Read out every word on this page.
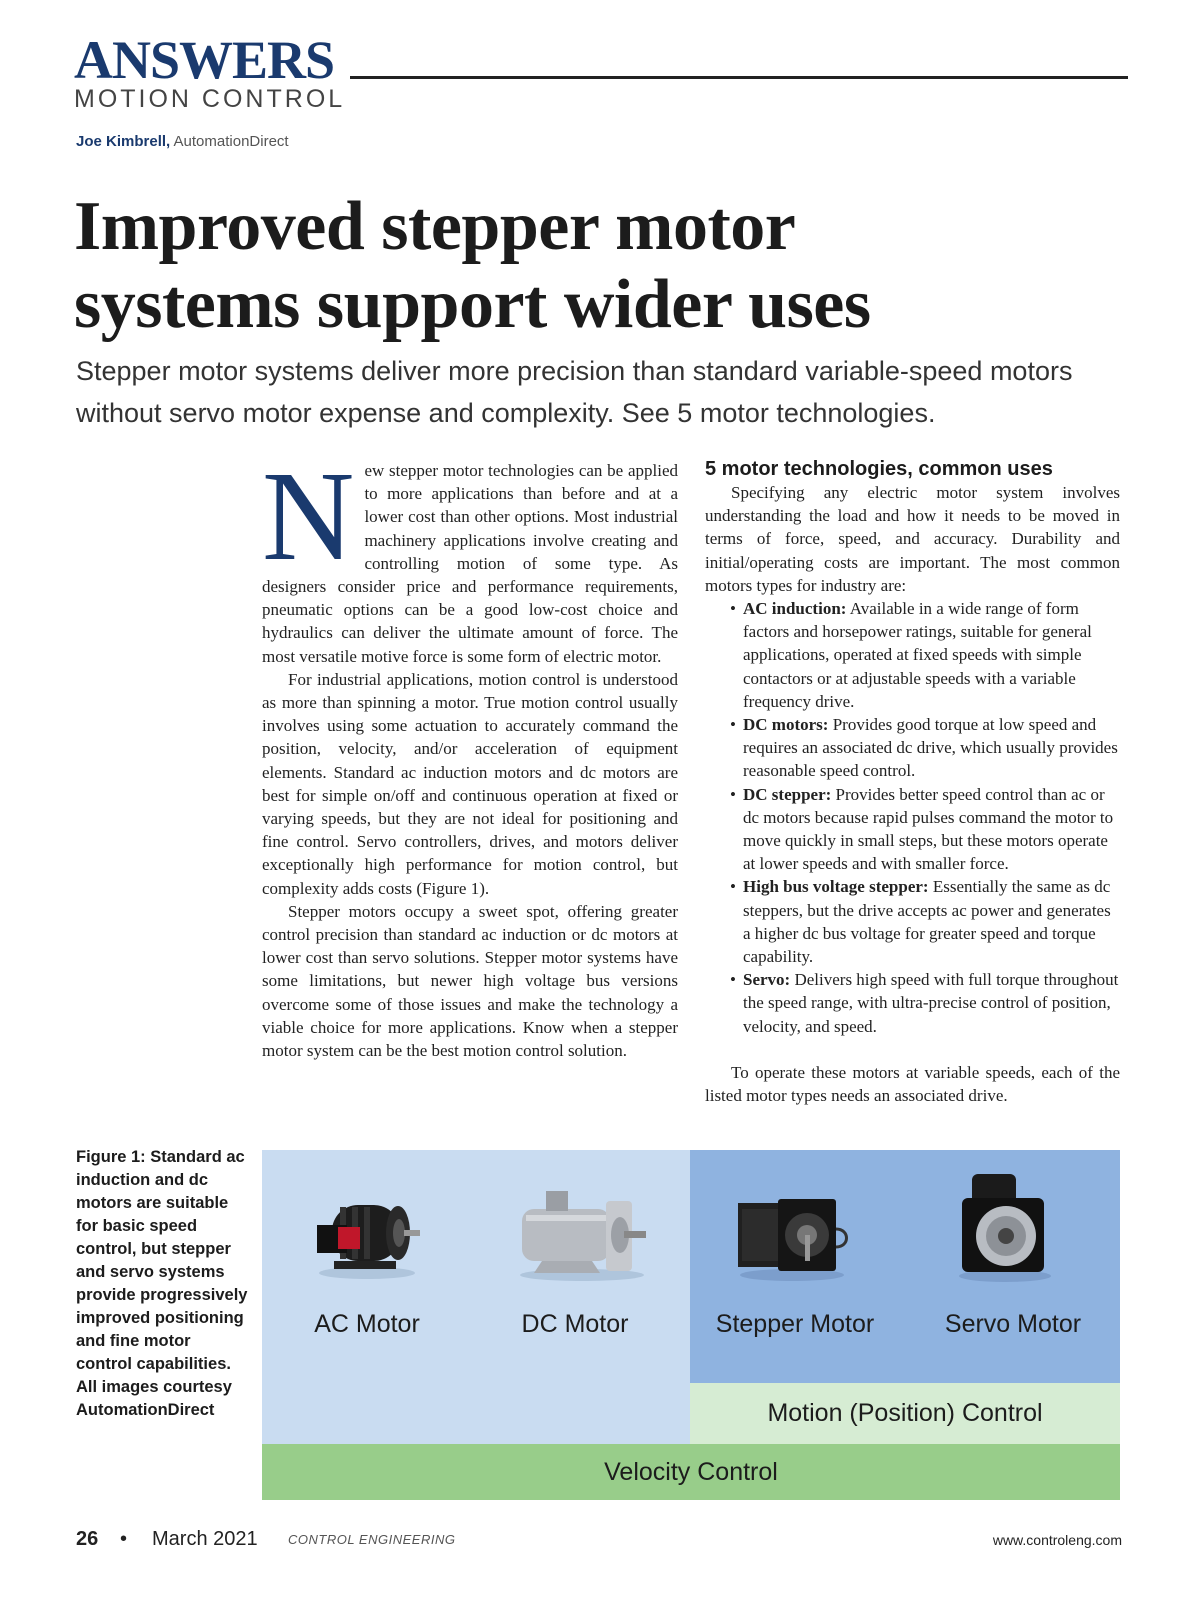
ANSWERS
MOTION CONTROL
Joe Kimbrell, AutomationDirect
Improved stepper motor
systems support wider uses
Stepper motor systems deliver more precision than standard variable-speed motors without servo motor expense and complexity. See 5 motor technologies.

New stepper motor technologies can be applied to more applications than before and at a lower cost than other options. Most industrial machinery applications involve creating and controlling motion of some type. As designers consider price and performance requirements, pneumatic options can be a good low-cost choice and hydraulics can deliver the ultimate amount of force. The most versatile motive force is some form of electric motor.

For industrial applications, motion control is understood as more than spinning a motor. True motion control usually involves using some actuation to accurately command the position, velocity, and/or acceleration of equipment elements. Standard ac induction motors and dc motors are best for simple on/off and continuous operation at fixed or varying speeds, but they are not ideal for positioning and fine control. Servo controllers, drives, and motors deliver exceptionally high performance for motion control, but complexity adds costs (Figure 1).

Stepper motors occupy a sweet spot, offering greater control precision than standard ac induction or dc motors at lower cost than servo solutions. Stepper motor systems have some limitations, but newer high voltage bus versions overcome some of those issues and make the technology a viable choice for more applications. Know when a stepper motor system can be the best motion control solution.

5 motor technologies, common uses

Specifying any electric motor system involves understanding the load and how it needs to be moved in terms of force, speed, and accuracy. Durability and initial/operating costs are important. The most common motors types for industry are:

• AC induction: Available in a wide range of form factors and horsepower ratings, suitable for general applications, operated at fixed speeds with simple contactors or at adjustable speeds with a variable frequency drive.
• DC motors: Provides good torque at low speed and requires an associated dc drive, which usually provides reasonable speed control.
• DC stepper: Provides better speed control than ac or dc motors because rapid pulses command the motor to move quickly in small steps, but these motors operate at lower speeds and with smaller force.
• High bus voltage stepper: Essentially the same as dc steppers, but the drive accepts ac power and generates a higher dc bus voltage for greater speed and torque capability.
• Servo: Delivers high speed with full torque throughout the speed range, with ultra-precise control of position, velocity, and speed.

To operate these motors at variable speeds, each of the listed motor types needs an associated drive.

Figure 1: Standard ac induction and dc motors are suitable for basic speed control, but stepper and servo systems provide progressively improved positioning and fine motor control capabilities. All images courtesy AutomationDirect
AC Motor	DC Motor	Stepper Motor	Servo Motor
Motion (Position) Control
Velocity Control
26 • March 2021 CONTROL ENGINEERING	www.controleng.com
